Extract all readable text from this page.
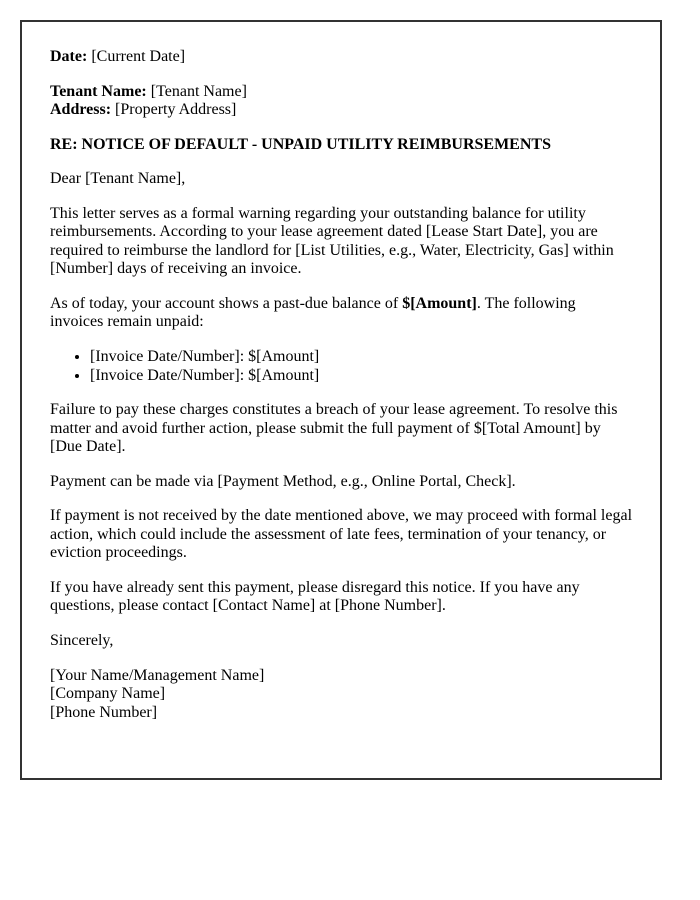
Date: [Current Date]

Tenant Name: [Tenant Name]
Address: [Property Address]

RE: NOTICE OF DEFAULT - UNPAID UTILITY REIMBURSEMENTS

Dear [Tenant Name],

This letter serves as a formal warning regarding your outstanding balance for utility reimbursements. According to your lease agreement dated [Lease Start Date], you are required to reimburse the landlord for [List Utilities, e.g., Water, Electricity, Gas] within [Number] days of receiving an invoice.

As of today, your account shows a past-due balance of $[Amount]. The following invoices remain unpaid:

• [Invoice Date/Number]: $[Amount]
• [Invoice Date/Number]: $[Amount]

Failure to pay these charges constitutes a breach of your lease agreement. To resolve this matter and avoid further action, please submit the full payment of $[Total Amount] by [Due Date].

Payment can be made via [Payment Method, e.g., Online Portal, Check].

If payment is not received by the date mentioned above, we may proceed with formal legal action, which could include the assessment of late fees, termination of your tenancy, or eviction proceedings.

If you have already sent this payment, please disregard this notice. If you have any questions, please contact [Contact Name] at [Phone Number].

Sincerely,

[Your Name/Management Name]
[Company Name]
[Phone Number]
